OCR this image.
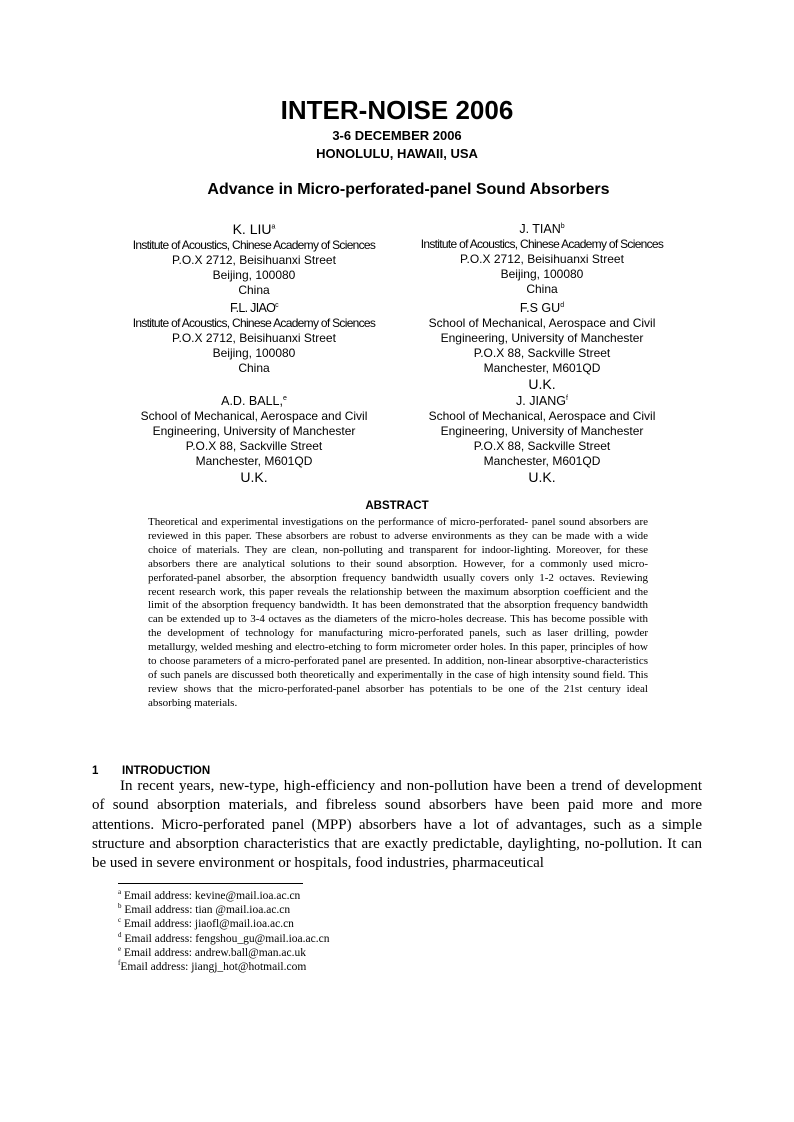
INTER-NOISE 2006
3-6 DECEMBER 2006
HONOLULU, HAWAII, USA
Advance in Micro-perforated-panel Sound Absorbers
K. LIU$^a$
Institute of Acoustics, Chinese Academy of Sciences
P.O.X 2712, Beisihuanxi Street
Beijing, 100080
China
J. TIAN$^b$
Institute of Acoustics, Chinese Academy of Sciences
P.O.X 2712, Beisihuanxi Street
Beijing, 100080
China
F.L. JIAO$^c$
Institute of Acoustics, Chinese Academy of Sciences
P.O.X 2712, Beisihuanxi Street
Beijing, 100080
China
F.S $GU^d$
School of Mechanical, Aerospace and Civil
Engineering, University of Manchester
P.O.X 88, Sackville Street
Manchester, M601QD
U.K.
A.D. BALL,$^e$
School of Mechanical, Aerospace and Civil
Engineering, University of Manchester
P.O.X 88, Sackville Street
Manchester, M601QD
U.K.
J. JIANG$^f$
School of Mechanical, Aerospace and Civil
Engineering, University of Manchester
P.O.X 88, Sackville Street
Manchester, M601QD
U.K.
ABSTRACT
Theoretical and experimental investigations on the performance of micro-perforated- panel sound absorbers are reviewed in this paper. These absorbers are robust to adverse environments as they can be made with a wide choice of materials. They are clean, non-polluting and transparent for indoor-lighting. Moreover, for these absorbers there are analytical solutions to their sound absorption. However, for a commonly used micro-perforated-panel absorber, the absorption frequency bandwidth usually covers only 1-2 octaves. Reviewing recent research work, this paper reveals the relationship between the maximum absorption coefficient and the limit of the absorption frequency bandwidth. It has been demonstrated that the absorption frequency bandwidth can be extended up to 3-4 octaves as the diameters of the micro-holes decrease. This has become possible with the development of technology for manufacturing micro-perforated panels, such as laser drilling, powder metallurgy, welded meshing and electro-etching to form micrometer order holes. In this paper, principles of how to choose parameters of a micro-perforated panel are presented. In addition, non-linear absorptive-characteristics of such panels are discussed both theoretically and experimentally in the case of high intensity sound field. This review shows that the micro-perforated-panel absorber has potentials to be one of the 21st century ideal absorbing materials.
1 INTRODUCTION
In recent years, new-type, high-efficiency and non-pollution have been a trend of development of sound absorption materials, and fibreless sound absorbers have been paid more and more attentions. Micro-perforated panel (MPP) absorbers have a lot of advantages, such as a simple structure and absorption characteristics that are exactly predictable, daylighting, no-pollution. It can be used in severe environment or hospitals, food industries, pharmaceutical
$^a$ Email address: kevine@mail.ioa.ac.cn
$^b$ Email address: tian @mail.ioa.ac.cn
$^c$ Email address: jiaofl@mail.ioa.ac.cn
$^d$ Email address: fengshou_gu@mail.ioa.ac.cn
$^e$ Email address: andrew.ball@man.ac.uk
$^f$Email address: jiangj_hot@hotmail.com
